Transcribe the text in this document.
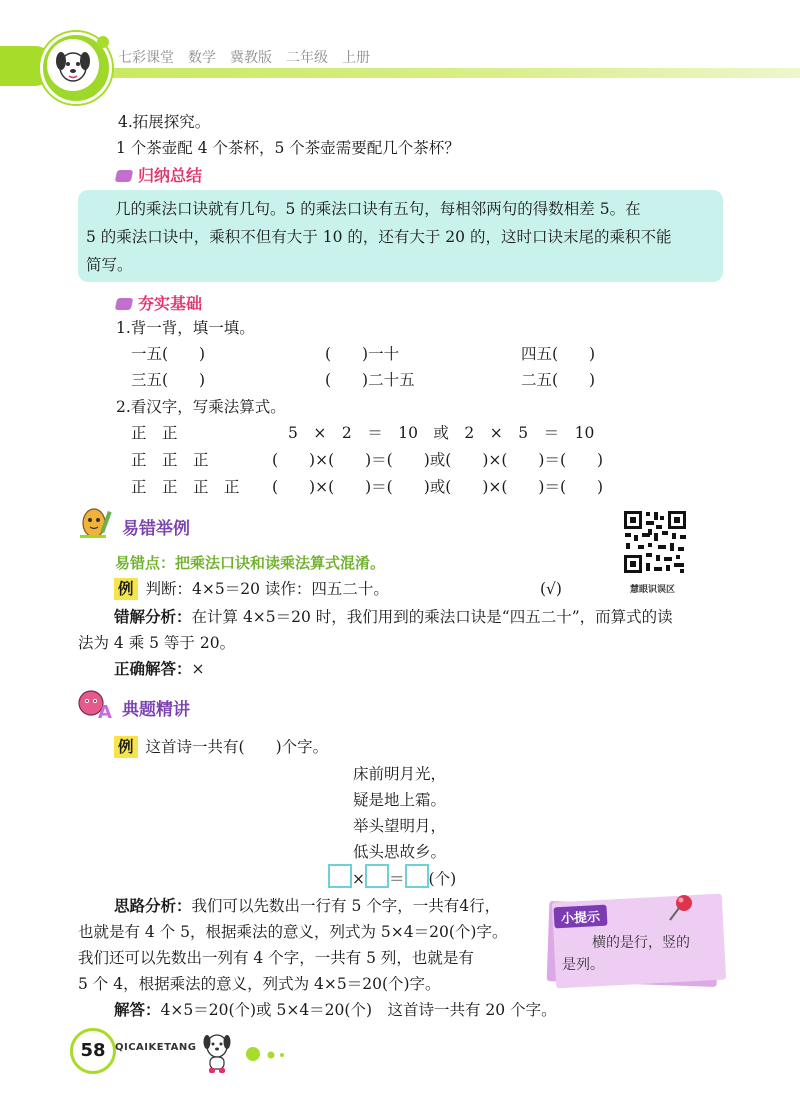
七彩课堂　数学　冀教版　二年级　上册
4.拓展探究。
1 个茶壶配 4 个茶杯，5 个茶壶需要配几个茶杯？
归纳总结
几的乘法口诀就有几句。5 的乘法口诀有五句，每相邻两句的得数相差 5。在
5 的乘法口诀中，乘积不但有大于 10 的，还有大于 20 的，这时口诀末尾的乘积不能
简写。
夯实基础
1.背一背，填一填。
一五(　　)	(　　)一十	四五(　　)
三五(　　)	(　　)二十五	二五(　　)
2.看汉字，写乘法算式。
正　正	5　×　2　＝　10　或　2　×　5　＝　10
正　正　正	(　　)×(　　)＝(　　)或(　　)×(　　)＝(　　)
正　正　正　正 (　　)×(　　)＝(　　)或(　　)×(　　)＝(　　)
易错举例
慧眼识误区
易错点：把乘法口诀和读乘法算式混淆。
例 判断：4×5＝20 读作：四五二十。	(√)
错解分析：在计算 4×5＝20 时，我们用到的乘法口诀是“四五二十”，而算式的读
法为 4 乘 5 等于 20。
正确解答：×
A 典题精讲
例 这首诗一共有(　　)个字。
床前明月光，
疑是地上霜。
举头望明月，
低头思故乡。
× ＝ (个)
思路分析：我们可以先数出一行有 5 个字，一共有4行，
也就是有 4 个 5，根据乘法的意义，列式为 5×4＝20(个)字。
我们还可以先数出一列有 4 个字，一共有 5 列，也就是有
5 个 4，根据乘法的意义，列式为 4×5＝20(个)字。
解答：4×5＝20(个)或 5×4＝20(个)　这首诗一共有 20 个字。
小提示
横的是行，竖的
是列。
58 QICAIKETANG
